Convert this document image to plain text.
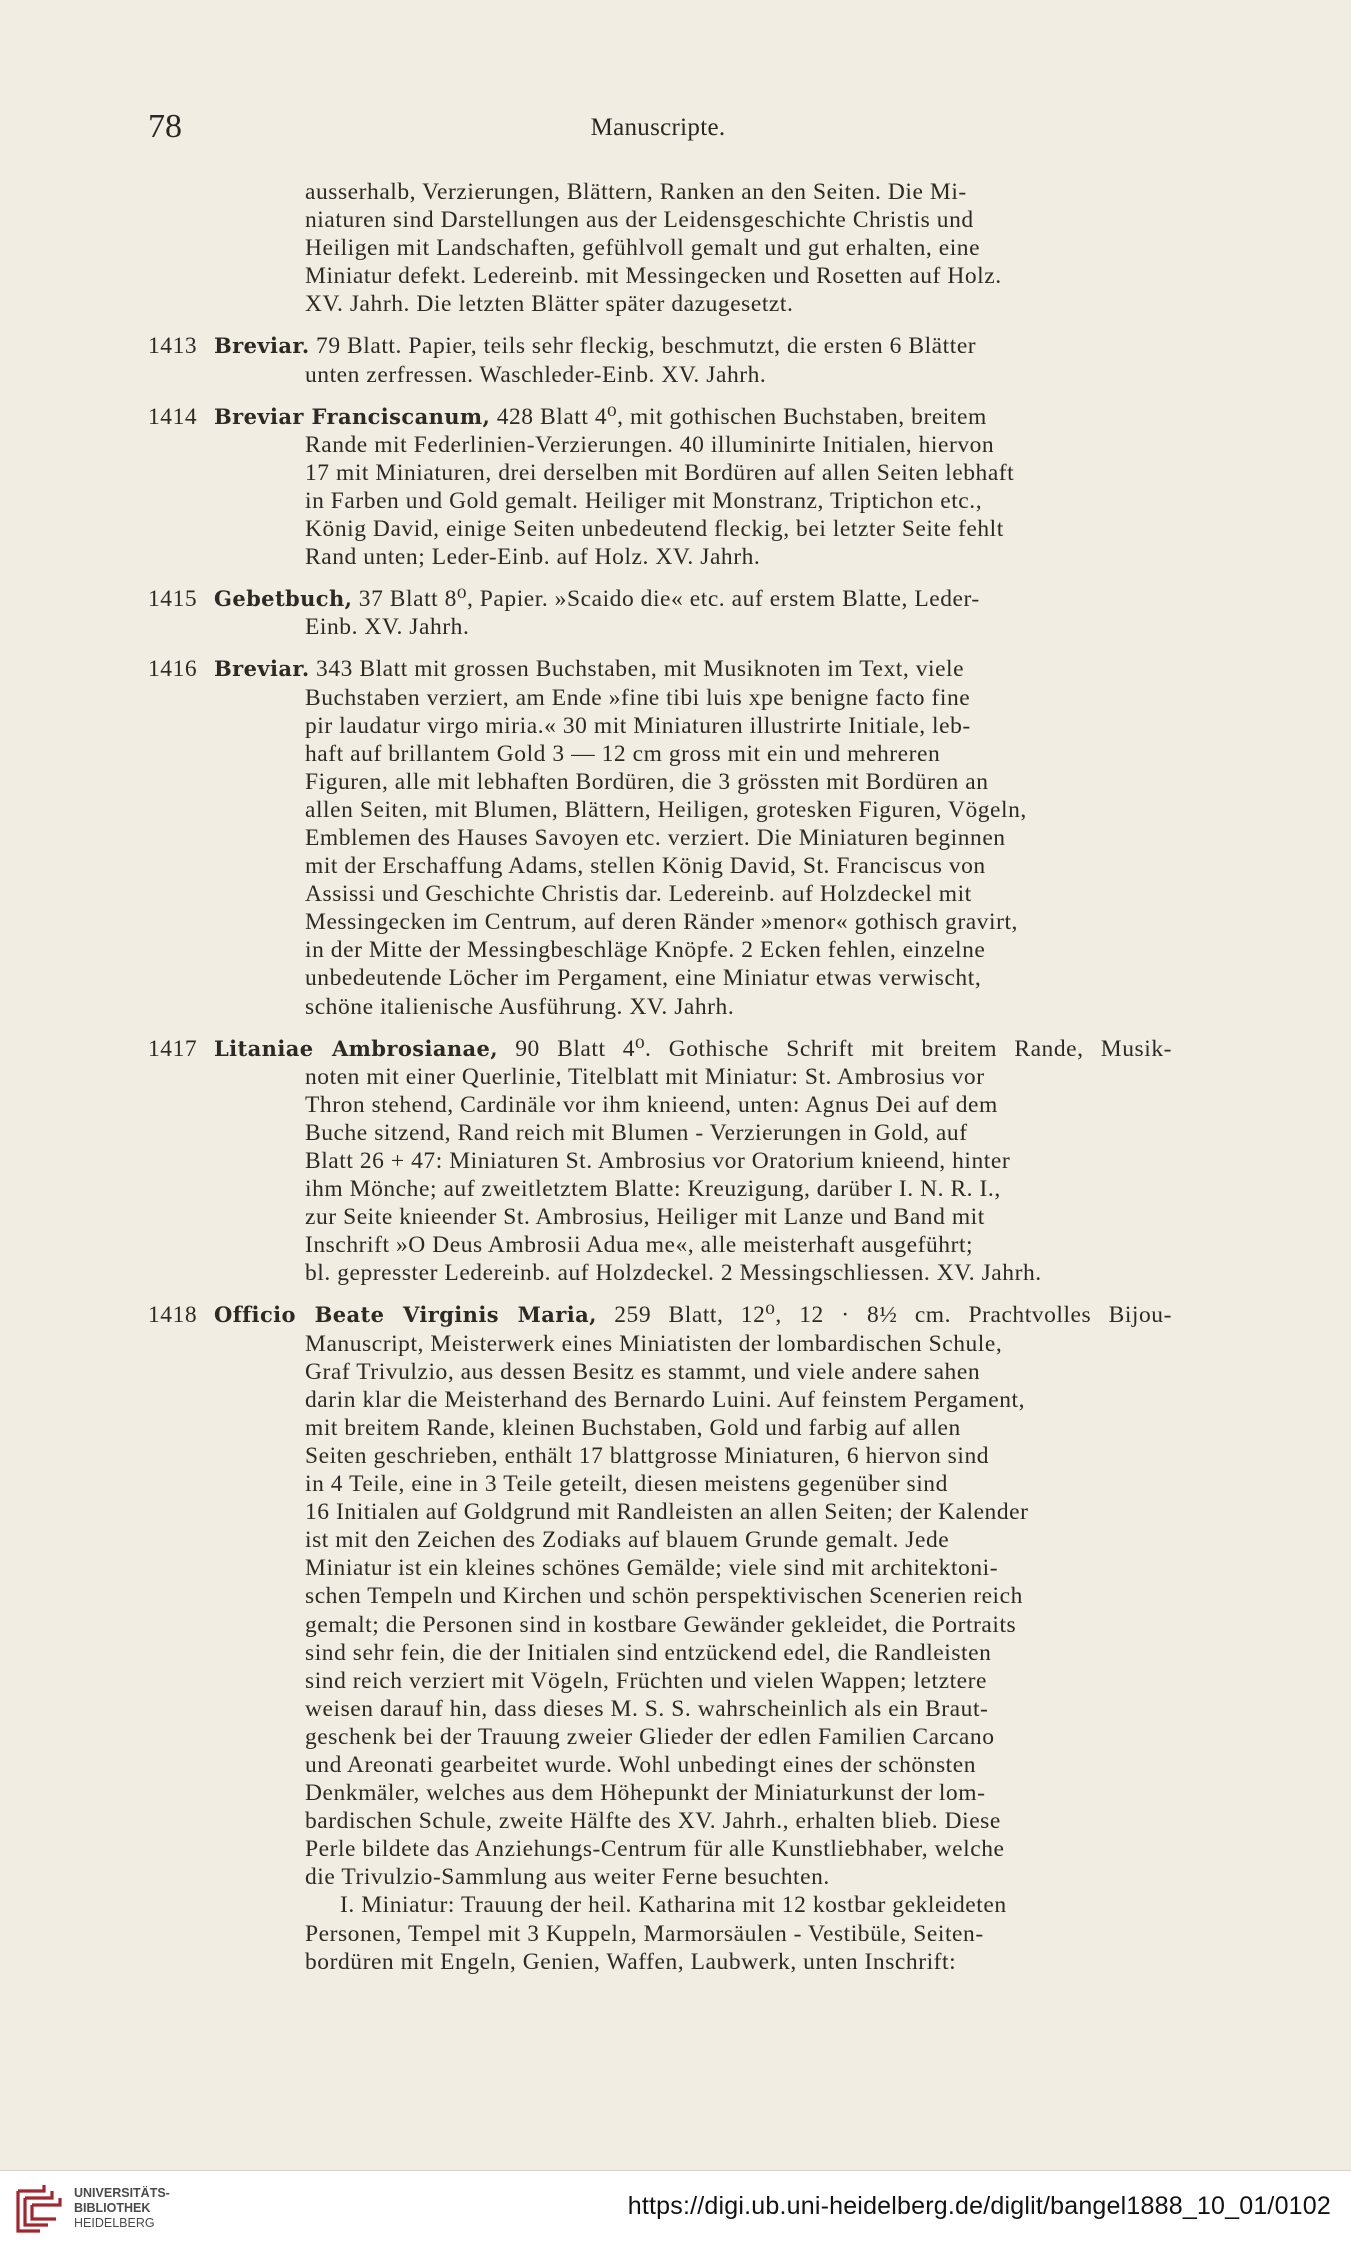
78	Manuscripte.
ausserhalb, Verzierungen, Blättern, Ranken an den Seiten. Die Mi-
niaturen sind Darstellungen aus der Leidensgeschichte Christis und
Heiligen mit Landschaften, gefühlvoll gemalt und gut erhalten, eine
Miniatur defekt. Ledereinb. mit Messingecken und Rosetten auf Holz.
XV. Jahrh. Die letzten Blätter später dazugesetzt.
1413 Breviar. 79 Blatt. Papier, teils sehr fleckig, beschmutzt, die ersten 6 Blätter
unten zerfressen. Waschleder-Einb. XV. Jahrh.
1414 Breviar Franciscanum, 428 Blatt 4⁰, mit gothischen Buchstaben, breitem
Rande mit Federlinien-Verzierungen. 40 illuminirte Initialen, hiervon
17 mit Miniaturen, drei derselben mit Bordüren auf allen Seiten lebhaft
in Farben und Gold gemalt. Heiliger mit Monstranz, Triptichon etc.,
König David, einige Seiten unbedeutend fleckig, bei letzter Seite fehlt
Rand unten; Leder-Einb. auf Holz. XV. Jahrh.
1415 Gebetbuch, 37 Blatt 8⁰, Papier. »Scaido die« etc. auf erstem Blatte, Leder-
Einb. XV. Jahrh.
1416 Breviar. 343 Blatt mit grossen Buchstaben, mit Musiknoten im Text, viele
Buchstaben verziert, am Ende »fine tibi luis xpe benigne facto fine
pir laudatur virgo miria.« 30 mit Miniaturen illustrirte Initiale, leb-
haft auf brillantem Gold 3 — 12 cm gross mit ein und mehreren
Figuren, alle mit lebhaften Bordüren, die 3 grössten mit Bordüren an
allen Seiten, mit Blumen, Blättern, Heiligen, grotesken Figuren, Vögeln,
Emblemen des Hauses Savoyen etc. verziert. Die Miniaturen beginnen
mit der Erschaffung Adams, stellen König David, St. Franciscus von
Assissi und Geschichte Christis dar. Ledereinb. auf Holzdeckel mit
Messingecken im Centrum, auf deren Ränder »menor« gothisch gravirt,
in der Mitte der Messingbeschläge Knöpfe. 2 Ecken fehlen, einzelne
unbedeutende Löcher im Pergament, eine Miniatur etwas verwischt,
schöne italienische Ausführung. XV. Jahrh.
1417 Litaniae Ambrosianae, 90 Blatt 4⁰. Gothische Schrift mit breitem Rande, Musik-
noten mit einer Querlinie, Titelblatt mit Miniatur: St. Ambrosius vor
Thron stehend, Cardinäle vor ihm knieend, unten: Agnus Dei auf dem
Buche sitzend, Rand reich mit Blumen - Verzierungen in Gold, auf
Blatt 26 + 47: Miniaturen St. Ambrosius vor Oratorium knieend, hinter
ihm Mönche; auf zweitletztem Blatte: Kreuzigung, darüber I. N. R. I.,
zur Seite knieender St. Ambrosius, Heiliger mit Lanze und Band mit
Inschrift »O Deus Ambrosii Adua me«, alle meisterhaft ausgeführt;
bl. gepresster Ledereinb. auf Holzdeckel. 2 Messingschliessen. XV. Jahrh.
1418 Officio Beate Virginis Maria, 259 Blatt, 12⁰, 12 · 8½ cm. Prachtvolles Bijou-
Manuscript, Meisterwerk eines Miniatisten der lombardischen Schule,
Graf Trivulzio, aus dessen Besitz es stammt, und viele andere sahen
darin klar die Meisterhand des Bernardo Luini. Auf feinstem Pergament,
mit breitem Rande, kleinen Buchstaben, Gold und farbig auf allen
Seiten geschrieben, enthält 17 blattgrosse Miniaturen, 6 hiervon sind
in 4 Teile, eine in 3 Teile geteilt, diesen meistens gegenüber sind
16 Initialen auf Goldgrund mit Randleisten an allen Seiten; der Kalender
ist mit den Zeichen des Zodiaks auf blauem Grunde gemalt. Jede
Miniatur ist ein kleines schönes Gemälde; viele sind mit architektoni-
schen Tempeln und Kirchen und schön perspektivischen Scenerien reich
gemalt; die Personen sind in kostbare Gewänder gekleidet, die Portraits
sind sehr fein, die der Initialen sind entzückend edel, die Randleisten
sind reich verziert mit Vögeln, Früchten und vielen Wappen; letztere
weisen darauf hin, dass dieses M. S. S. wahrscheinlich als ein Braut-
geschenk bei der Trauung zweier Glieder der edlen Familien Carcano
und Areonati gearbeitet wurde. Wohl unbedingt eines der schönsten
Denkmäler, welches aus dem Höhepunkt der Miniaturkunst der lom-
bardischen Schule, zweite Hälfte des XV. Jahrh., erhalten blieb. Diese
Perle bildete das Anziehungs-Centrum für alle Kunstliebhaber, welche
die Trivulzio-Sammlung aus weiter Ferne besuchten.
I. Miniatur: Trauung der heil. Katharina mit 12 kostbar gekleideten
Personen, Tempel mit 3 Kuppeln, Marmorsäulen - Vestibüle, Seiten-
bordüren mit Engeln, Genien, Waffen, Laubwerk, unten Inschrift:
UNIVERSITÄTS-
BIBLIOTHEK
HEIDELBERG
https://digi.ub.uni-heidelberg.de/diglit/bangel1888_10_01/0102
